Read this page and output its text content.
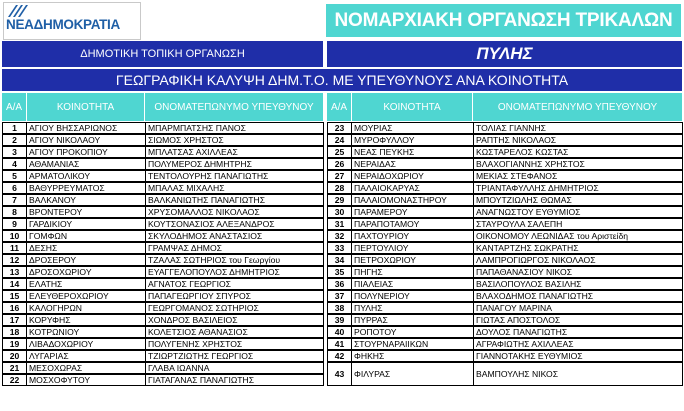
ΝΕΑΔΗΜΟΚΡΑΤΙΑ	ΝΟΜΑΡΧΙΑΚΗ ΟΡΓΑΝΩΣΗ ΤΡΙΚΑΛΩΝ
ΔΗΜΟΤΙΚΗ ΤΟΠΙΚΗ ΟΡΓΑΝΩΣΗ	ΠΥΛΗΣ
ΓΕΩΓΡΑΦΙΚΗ ΚΑΛΥΨΗ ΔΗΜ.Τ.Ο. ΜΕ ΥΠΕΥΘΥΝΟΥΣ ΑΝΑ ΚΟΙΝΟΤΗΤΑ
Α/Α	ΚΟΙΝΟΤΗΤΑ	ΟΝΟΜΑΤΕΠΩΝΥΜΟ ΥΠΕΥΘΥΝΟΥ	Α/Α	ΚΟΙΝΟΤΗΤΑ	ΟΝΟΜΑΤΕΠΩΝΥΜΟ ΥΠΕΥΘΥΝΟΥ
1	ΑΓΙΟΥ ΒΗΣΣΑΡΙΩΝΟΣ	ΜΠΑΡΜΠΑΤΣΗΣ ΠΑΝΟΣ
2	ΑΓΙΟΥ ΝΙΚΟΛΑΟΥ	ΣΙΩΜΟΣ ΧΡΗΣΤΟΣ
3	ΑΓΙΟΥ ΠΡΟΚΟΠΙΟΥ	ΜΠΛΑΤΣΑΣ ΑΧΙΛΛΕΑΣ
4	ΑΘΑΜΑΝΙΑΣ	ΠΟΛΥΜΕΡΟΣ ΔΗΜΗΤΡΗΣ
5	ΑΡΜΑΤΟΛΙΚΟΥ	ΤΕΝΤΟΛΟΥΡΗΣ ΠΑΝΑΓΙΩΤΗΣ
6	ΒΑΘΥΡΡΕΥΜΑΤΟΣ	ΜΠΑΛΑΣ ΜΙΧΑΛΗΣ
7	ΒΑΛΚΑΝΟΥ	ΒΑΛΚΑΝΙΩΤΗΣ ΠΑΝΑΓΙΩΤΗΣ
8	ΒΡΟΝΤΕΡΟΥ	ΧΡΥΣΟΜΑΛΛΟΣ ΝΙΚΟΛΑΟΣ
9	ΓΑΡΔΙΚΙΟΥ	ΚΟΥΤΣΟΝΑΣΙΟΣ ΑΛΕΞΑΝΔΡΟΣ
10	ΓΟΜΦΩΝ	ΣΚΥΛΟΔΗΜΟΣ ΑΝΑΣΤΑΣΙΟΣ
11	ΔΕΣΗΣ	ΓΡΑΜΨΑΣ ΔΗΜΟΣ
12	ΔΡΟΣΕΡΟΥ	ΤΖΑΛΑΣ ΣΩΤΗΡΙΟΣ του Γεωργίου
13	ΔΡΟΣΟΧΩΡΙΟΥ	ΕΥΑΓΓΕΛΟΠΟΥΛΟΣ ΔΗΜΗΤΡΙΟΣ
14	ΕΛΑΤΗΣ	ΑΓΝΑΤΟΣ ΓΕΩΡΓΙΟΣ
15	ΕΛΕΥΘΕΡΟΧΩΡΙΟΥ	ΠΑΠΑΓΕΩΡΓΙΟΥ ΣΠΥΡΟΣ
16	ΚΑΛΟΓΗΡΩΝ	ΓΕΩΡΓΟΜΑΝΟΣ ΣΩΤΗΡΙΟΣ
17	ΚΟΡΥΦΗΣ	ΧΟΝΔΡΟΣ ΒΑΣΙΛΕΙΟΣ
18	ΚΟΤΡΩΝΙΟΥ	ΚΟΛΕΤΣΙΟΣ ΑΘΑΝΑΣΙΟΣ
19	ΛΙΒΑΔΟΧΩΡΙΟΥ	ΠΟΛΥΓΕΝΗΣ ΧΡΗΣΤΟΣ
20	ΛΥΓΑΡΙΑΣ	ΤΖΙΩΡΤΖΙΩΤΗΣ ΓΕΩΡΓΙΟΣ
21	ΜΕΣΟΧΩΡΑΣ	ΓΛΑΒΑ ΙΩΑΝΝΑ
22	ΜΟΣΧΟΦΥΤΟΥ	ΓΙΑΤΑΓΑΝΑΣ ΠΑΝΑΓΙΩΤΗΣ
23	ΜΟΥΡΙΑΣ	ΤΟΛΙΑΣ ΓΙΑΝΝΗΣ
24	ΜΥΡΟΦΥΛΛΟΥ	ΡΑΠΤΗΣ ΝΙΚΟΛΑΟΣ
25	ΝΕΑΣ ΠΕΥΚΗΣ	ΚΩΣΤΑΡΕΛΟΣ ΚΩΣΤΑΣ
26	ΝΕΡΑΙΔΑΣ	ΒΛΑΧΟΓΙΑΝΝΗΣ ΧΡΗΣΤΟΣ
27	ΝΕΡΑΙΔΟΧΩΡΙΟΥ	ΜΕΚΙΑΣ ΣΤΕΦΑΝΟΣ
28	ΠΑΛΑΙΟΚΑΡΥΑΣ	ΤΡΙΑΝΤΑΦΥΛΛΗΣ ΔΗΜΗΤΡΙΟΣ
29	ΠΑΛΑΙΟΜΟΝΑΣΤΗΡΟΥ	ΜΠΟΥΤΖΙΩΛΗΣ ΘΩΜΑΣ
30	ΠΑΡΑΜΕΡΟΥ	ΑΝΑΓΝΩΣΤΟΥ ΕΥΘΥΜΙΟΣ
31	ΠΑΡΑΠΟΤΑΜΟΥ	ΣΤΑΥΡΟΥΛΑ ΣΑΛΕΠΗ
32	ΠΑΧΤΟΥΡΙΟΥ	ΟΙΚΟΝΟΜΟΥ ΛΕΩΝΙΔΑΣ του Αριστείδη
33	ΠΕΡΤΟΥΛΙΟΥ	ΚΑΝΤΑΡΤΖΗΣ ΣΩΚΡΑΤΗΣ
34	ΠΕΤΡΟΧΩΡΙΟΥ	ΛΑΜΠΡΟΓΙΩΡΓΟΣ ΝΙΚΟΛΑΟΣ
35	ΠΗΓΗΣ	ΠΑΠΑΘΑΝΑΣΙΟΥ ΝΙΚΟΣ
36	ΠΙΑΛΕΙΑΣ	ΒΑΣΙΛΟΠΟΥΛΟΣ ΒΑΣΙΛΗΣ
37	ΠΟΛΥΝΕΡΙΟΥ	ΒΛΑΧΟΔΗΜΟΣ ΠΑΝΑΓΙΩΤΗΣ
38	ΠΥΛΗΣ	ΠΑΝΑΓΟΥ ΜΑΡΙΝΑ
39	ΠΥΡΡΑΣ	ΓΙΩΤΑΣ ΑΠΟΣΤΟΛΟΣ
40	ΡΟΠΟΤΟΥ	ΔΟΥΛΟΣ ΠΑΝΑΓΙΩΤΗΣ
41	ΣΤΟΥΡΝΑΡΑΙΙΚΩΝ	ΑΓΡΑΦΙΩΤΗΣ ΑΧΙΛΛΕΑΣ
42	ΦΗΚΗΣ	ΓΙΑΝΝΟΤΑΚΗΣ ΕΥΘΥΜΙΟΣ
43	ΦΙΛΥΡΑΣ	ΒΑΜΠΟΥΛΗΣ ΝΙΚΟΣ
